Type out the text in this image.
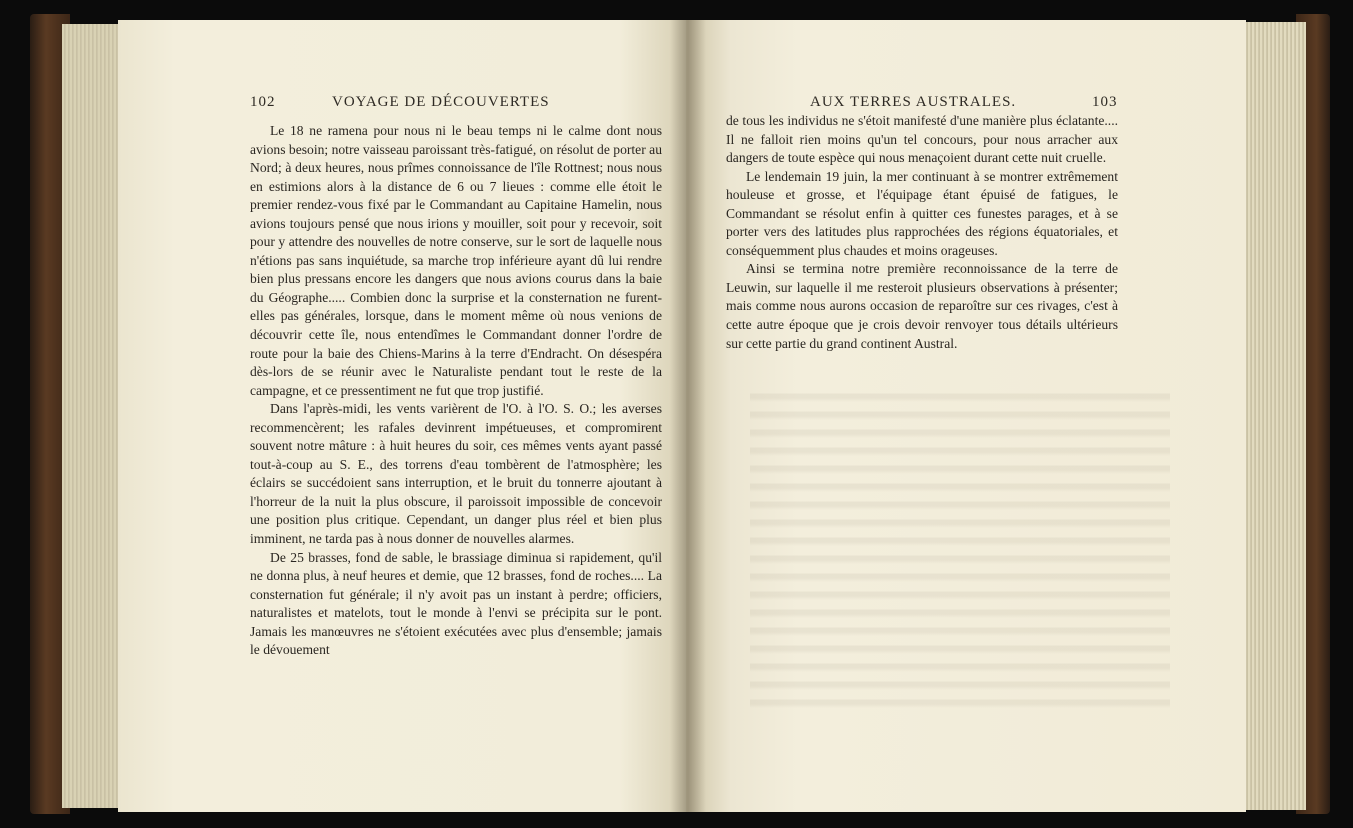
102	VOYAGE DE DÉCOUVERTES

Le 18 ne ramena pour nous ni le beau temps ni le calme dont nous avions besoin; notre vaisseau paroissant très-fatigué, on résolut de porter au Nord; à deux heures, nous prîmes connoissance de l'île Rottnest; nous nous en estimions alors à la distance de 6 ou 7 lieues : comme elle étoit le premier rendez-vous fixé par le Commandant au Capitaine Hamelin, nous avions toujours pensé que nous irions y mouiller, soit pour y recevoir, soit pour y attendre des nouvelles de notre conserve, sur le sort de laquelle nous n'étions pas sans inquiétude, sa marche trop inférieure ayant dû lui rendre bien plus pressans encore les dangers que nous avions courus dans la baie du Géographe..... Combien donc la surprise et la consternation ne furent-elles pas générales, lorsque, dans le moment même où nous venions de découvrir cette île, nous entendîmes le Commandant donner l'ordre de route pour la baie des Chiens-Marins à la terre d'Endracht. On désespéra dès-lors de se réunir avec le Naturaliste pendant tout le reste de la campagne, et ce pressentiment ne fut que trop justifié.

Dans l'après-midi, les vents varièrent de l'O. à l'O. S. O.; les averses recommencèrent; les rafales devinrent impétueuses, et compromirent souvent notre mâture : à huit heures du soir, ces mêmes vents ayant passé tout-à-coup au S. E., des torrens d'eau tombèrent de l'atmosphère; les éclairs se succédoient sans interruption, et le bruit du tonnerre ajoutant à l'horreur de la nuit la plus obscure, il paroissoit impossible de concevoir une position plus critique. Cependant, un danger plus réel et bien plus imminent, ne tarda pas à nous donner de nouvelles alarmes.

De 25 brasses, fond de sable, le brassiage diminua si rapidement, qu'il ne donna plus, à neuf heures et demie, que 12 brasses, fond de roches.... La consternation fut générale; il n'y avoit pas un instant à perdre; officiers, naturalistes et matelots, tout le monde à l'envi se précipita sur le pont. Jamais les manœuvres ne s'étoient exécutées avec plus d'ensemble; jamais le dévouement

AUX TERRES AUSTRALES.	103

de tous les individus ne s'étoit manifesté d'une manière plus éclatante.... Il ne falloit rien moins qu'un tel concours, pour nous arracher aux dangers de toute espèce qui nous menaçoient durant cette nuit cruelle.

Le lendemain 19 juin, la mer continuant à se montrer extrêmement houleuse et grosse, et l'équipage étant épuisé de fatigues, le Commandant se résolut enfin à quitter ces funestes parages, et à se porter vers des latitudes plus rapprochées des régions équatoriales, et conséquemment plus chaudes et moins orageuses.

Ainsi se termina notre première reconnoissance de la terre de Leuwin, sur laquelle il me resteroit plusieurs observations à présenter; mais comme nous aurons occasion de reparoître sur ces rivages, c'est à cette autre époque que je crois devoir renvoyer tous détails ultérieurs sur cette partie du grand continent Austral.
